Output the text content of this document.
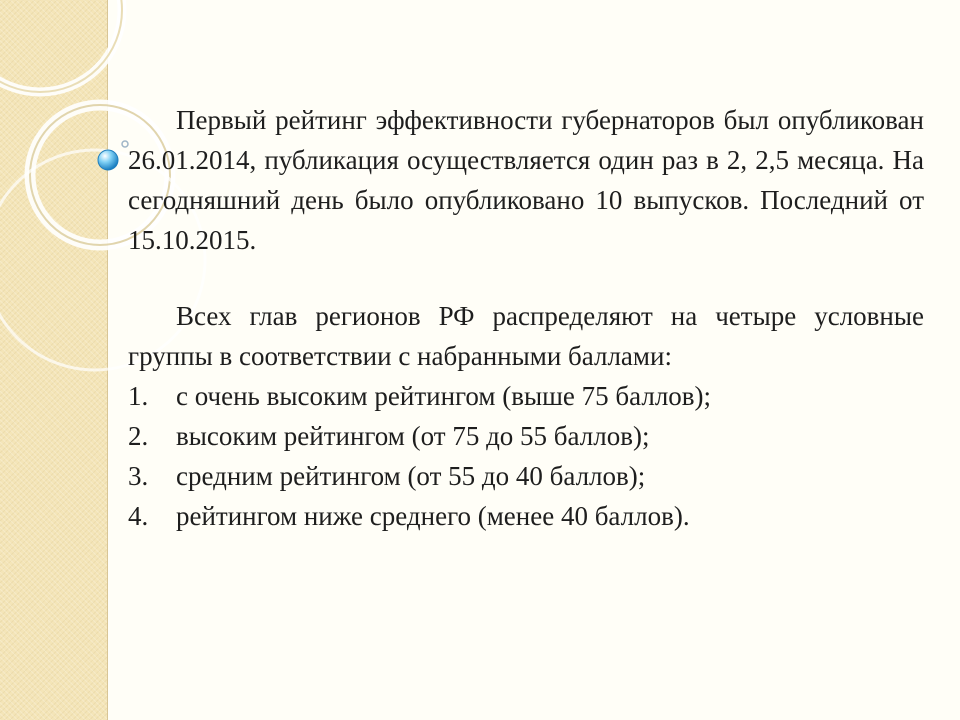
Первый рейтинг эффективности губернаторов был опубликован 26.01.2014, публикация осуществляется один раз в 2, 2,5 месяца. На сегодняшний день было опубликовано 10 выпусков. Последний от 15.10.2015.

Всех глав регионов РФ распределяют на четыре условные группы в соответствии с набранными баллами:

1.	с очень высоким рейтингом (выше 75 баллов);
2.	высоким рейтингом (от 75 до 55 баллов);
3.	средним рейтингом (от 55 до 40 баллов);
4.	рейтингом ниже среднего (менее 40 баллов).
